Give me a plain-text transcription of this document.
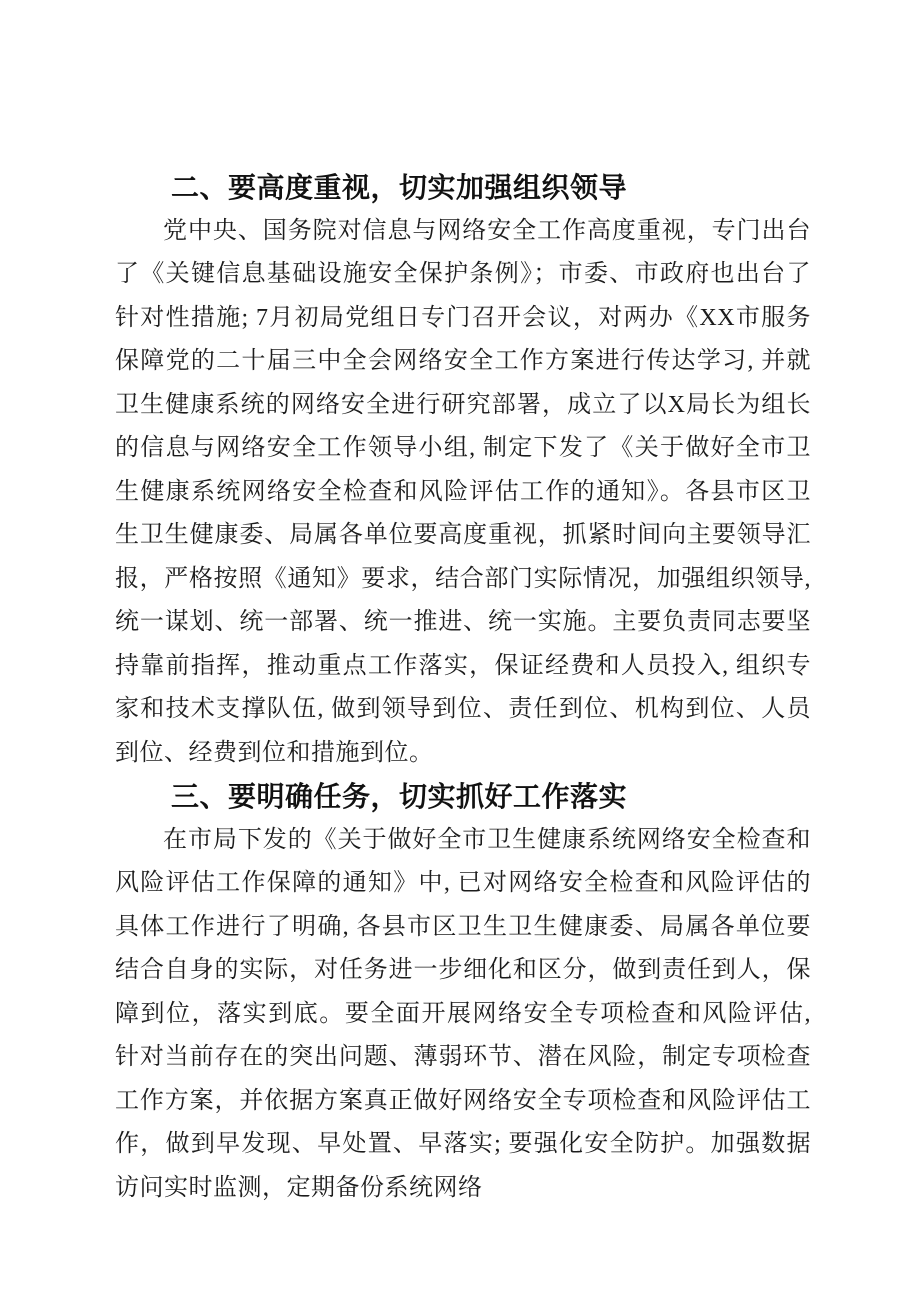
二、要高度重视，切实加强组织领导

党中央、国务院对信息与网络安全工作高度重视，专门出台了《关键信息基础设施安全保护条例》；市委、市政府也出台了针对性措施; 7月初局党组日专门召开会议，对两办《XX市服务保障党的二十届三中全会网络安全工作方案进行传达学习, 并就卫生健康系统的网络安全进行研究部署，成立了以X局长为组长的信息与网络安全工作领导小组, 制定下发了《关于做好全市卫生健康系统网络安全检查和风险评估工作的通知》。各县市区卫生卫生健康委、局属各单位要高度重视，抓紧时间向主要领导汇报，严格按照《通知》要求，结合部门实际情况，加强组织领导, 统一谋划、统一部署、统一推进、统一实施。主要负责同志要坚持靠前指挥，推动重点工作落实，保证经费和人员投入, 组织专家和技术支撑队伍, 做到领导到位、责任到位、机构到位、人员到位、经费到位和措施到位。

三、要明确任务，切实抓好工作落实

在市局下发的《关于做好全市卫生健康系统网络安全检查和风险评估工作保障的通知》中, 已对网络安全检查和风险评估的具体工作进行了明确, 各县市区卫生卫生健康委、局属各单位要结合自身的实际，对任务进一步细化和区分，做到责任到人，保障到位，落实到底。要全面开展网络安全专项检查和风险评估, 针对当前存在的突出问题、薄弱环节、潜在风险，制定专项检查工作方案，并依据方案真正做好网络安全专项检查和风险评估工作，做到早发现、早处置、早落实; 要强化安全防护。加强数据访问实时监测，定期备份系统网络
